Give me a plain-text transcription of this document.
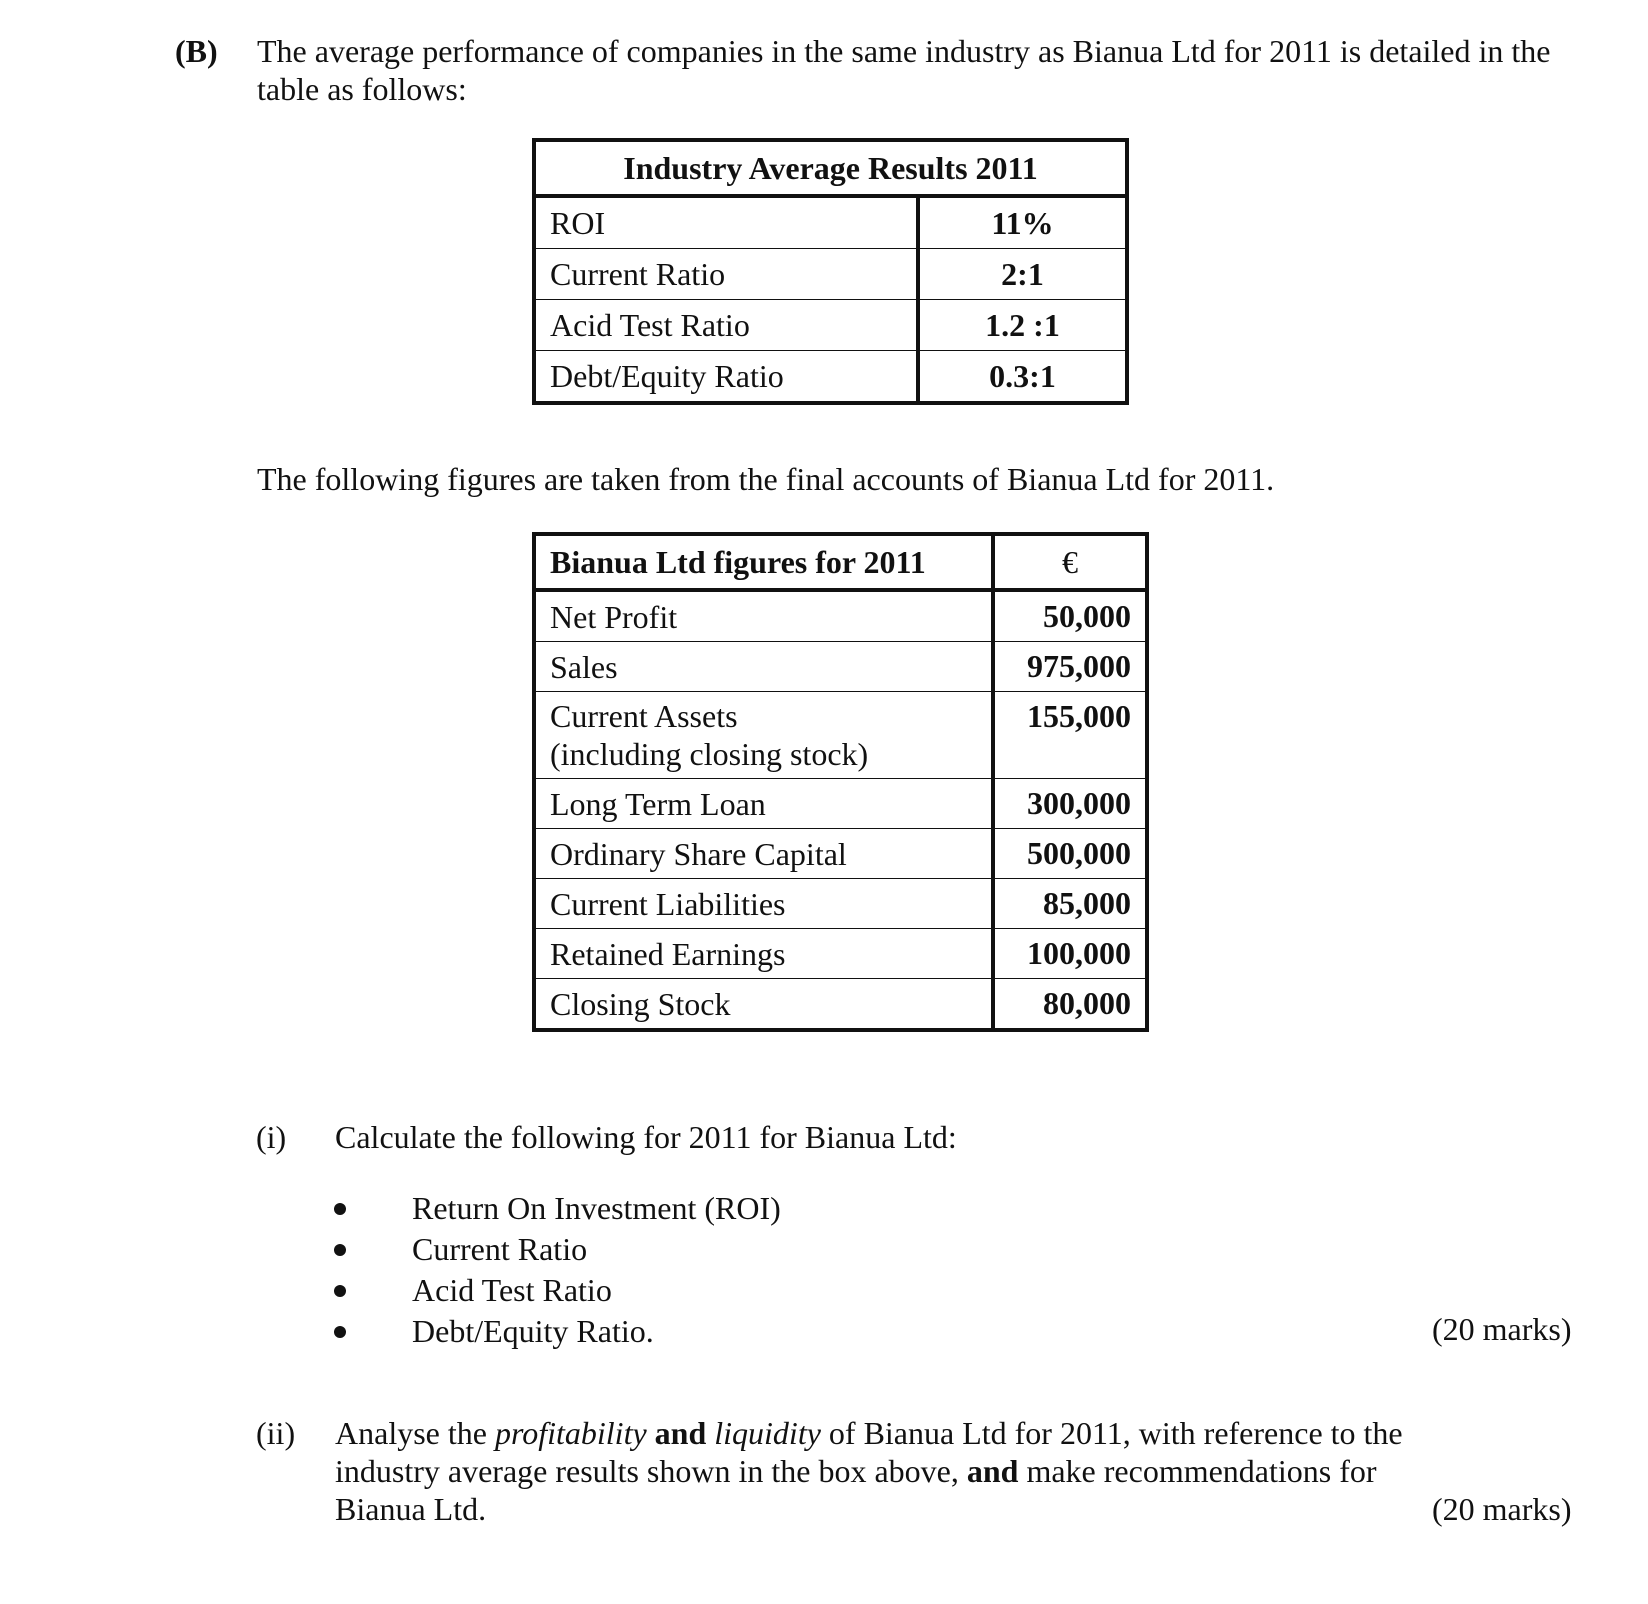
(B) The average performance of companies in the same industry as Bianua Ltd for 2011 is detailed in the table as follows:
Industry Average Results 2011	
ROI	11%
Current Ratio	2:1
Acid Test Ratio	1.2 :1
Debt/Equity Ratio	0.3:1
The following figures are taken from the final accounts of Bianua Ltd for 2011.
Bianua Ltd figures for 2011	€
Net Profit	50,000
Sales	975,000

Current Assets
(including closing stock)	155,000
Long Term Loan	300,000
Ordinary Share Capital	500,000
Current Liabilities	85,000
Retained Earnings	100,000
Closing Stock	80,000
(i) Calculate the following for 2011 for Bianua Ltd:
Return On Investment (ROI)
Current Ratio
Acid Test Ratio
Debt/Equity Ratio.	(20 marks)
(ii) Analyse the profitability and liquidity of Bianua Ltd for 2011, with reference to the industry average results shown in the box above, and make recommendations for Bianua Ltd.	(20 marks)
